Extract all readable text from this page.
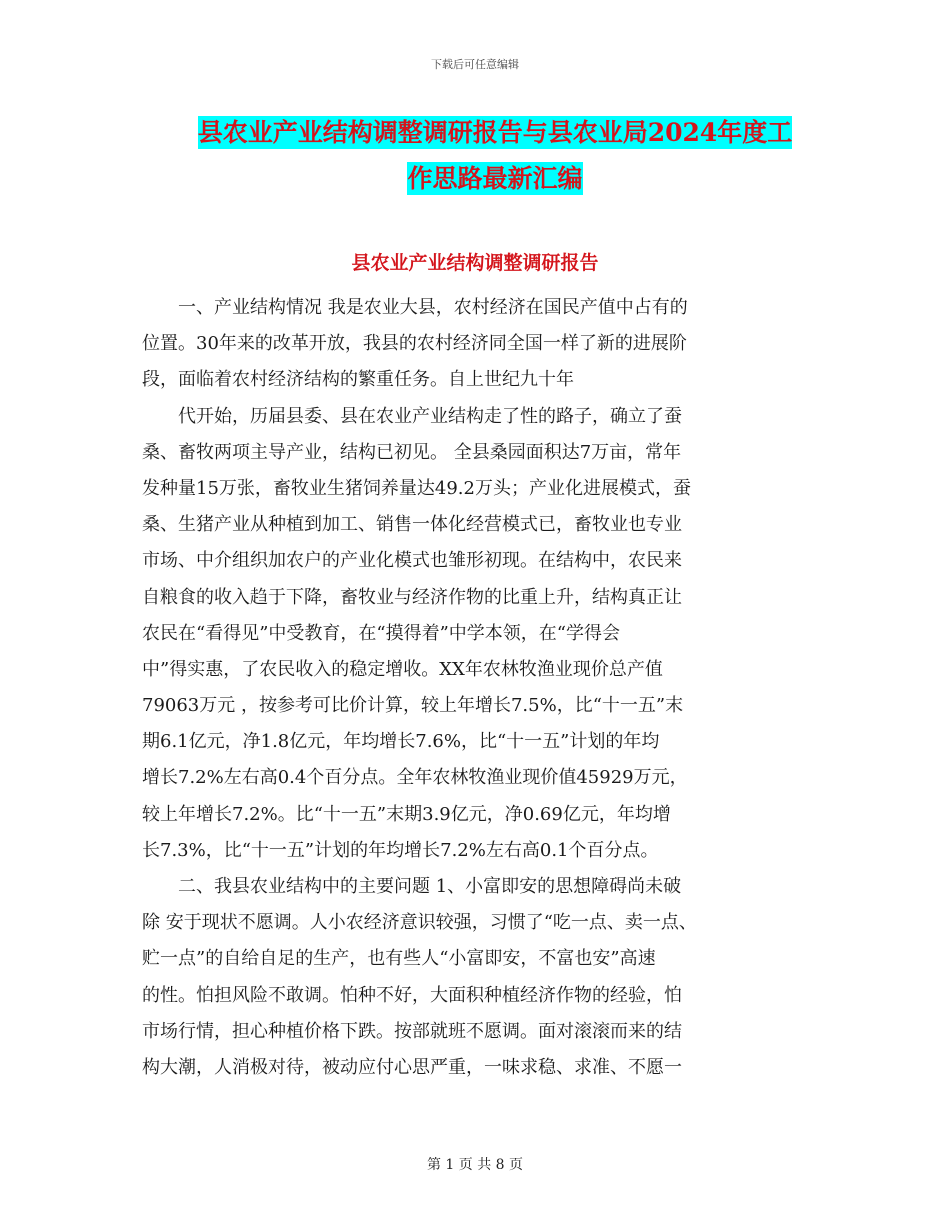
下载后可任意编辑
县农业产业结构调整调研报告与县农业局2024年度工
作思路最新汇编
县农业产业结构调整调研报告
一、产业结构情况 我是农业大县，农村经济在国民产值中占有的
位置。30年来的改革开放，我县的农村经济同全国一样了新的进展阶
段，面临着农村经济结构的繁重任务。自上世纪九十年
代开始，历届县委、县在农业产业结构走了性的路子，确立了蚕
桑、畜牧两项主导产业，结构已初见。 全县桑园面积达7万亩，常年
发种量15万张，畜牧业生猪饲养量达49.2万头；产业化进展模式，蚕
桑、生猪产业从种植到加工、销售一体化经营模式已，畜牧业也专业
市场、中介组织加农户的产业化模式也雏形初现。在结构中，农民来
自粮食的收入趋于下降，畜牧业与经济作物的比重上升，结构真正让
农民在“看得见”中受教育，在“摸得着”中学本领，在“学得会
中”得实惠，了农民收入的稳定增收。XX年农林牧渔业现价总产值
79063万元 ，按参考可比价计算，较上年增长7.5%，比“十一五”末
期6.1亿元，净1.8亿元，年均增长7.6%，比“十一五”计划的年均
增长7.2%左右高0.4个百分点。全年农林牧渔业现价值45929万元，
较上年增长7.2%。比“十一五”末期3.9亿元，净0.69亿元，年均增
长7.3%，比“十一五”计划的年均增长7.2%左右高0.1个百分点。
二、我县农业结构中的主要问题 1、小富即安的思想障碍尚未破
除 安于现状不愿调。人小农经济意识较强，习惯了“吃一点、卖一点、
贮一点”的自给自足的生产，也有些人“小富即安，不富也安”高速
的性。怕担风险不敢调。怕种不好，大面积种植经济作物的经验，怕
市场行情，担心种植价格下跌。按部就班不愿调。面对滚滚而来的结
构大潮，人消极对待，被动应付心思严重，一味求稳、求准、不愿一
第 1 页 共 8 页
